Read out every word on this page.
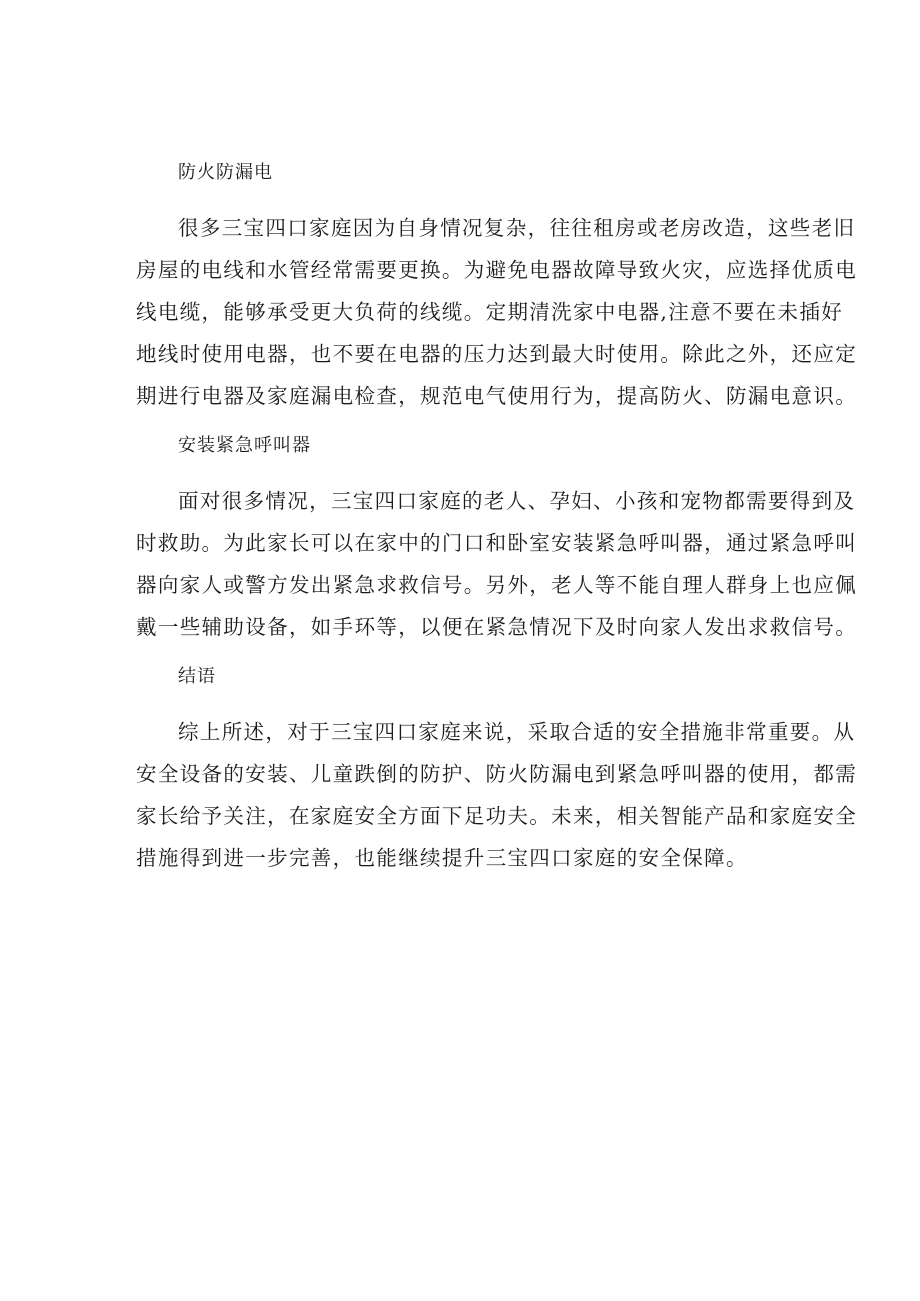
防火防漏电
很多三宝四口家庭因为自身情况复杂，往往租房或老房改造，这些老旧
房屋的电线和水管经常需要更换。为避免电器故障导致火灾，应选择优质电
线电缆，能够承受更大负荷的线缆。定期清洗家中电器,注意不要在未插好
地线时使用电器，也不要在电器的压力达到最大时使用。除此之外，还应定
期进行电器及家庭漏电检查，规范电气使用行为，提高防火、防漏电意识。
安装紧急呼叫器
面对很多情况，三宝四口家庭的老人、孕妇、小孩和宠物都需要得到及
时救助。为此家长可以在家中的门口和卧室安装紧急呼叫器，通过紧急呼叫
器向家人或警方发出紧急求救信号。另外，老人等不能自理人群身上也应佩
戴一些辅助设备，如手环等，以便在紧急情况下及时向家人发出求救信号。
结语
综上所述，对于三宝四口家庭来说，采取合适的安全措施非常重要。从
安全设备的安装、儿童跌倒的防护、防火防漏电到紧急呼叫器的使用，都需
家长给予关注，在家庭安全方面下足功夫。未来，相关智能产品和家庭安全
措施得到进一步完善，也能继续提升三宝四口家庭的安全保障。
